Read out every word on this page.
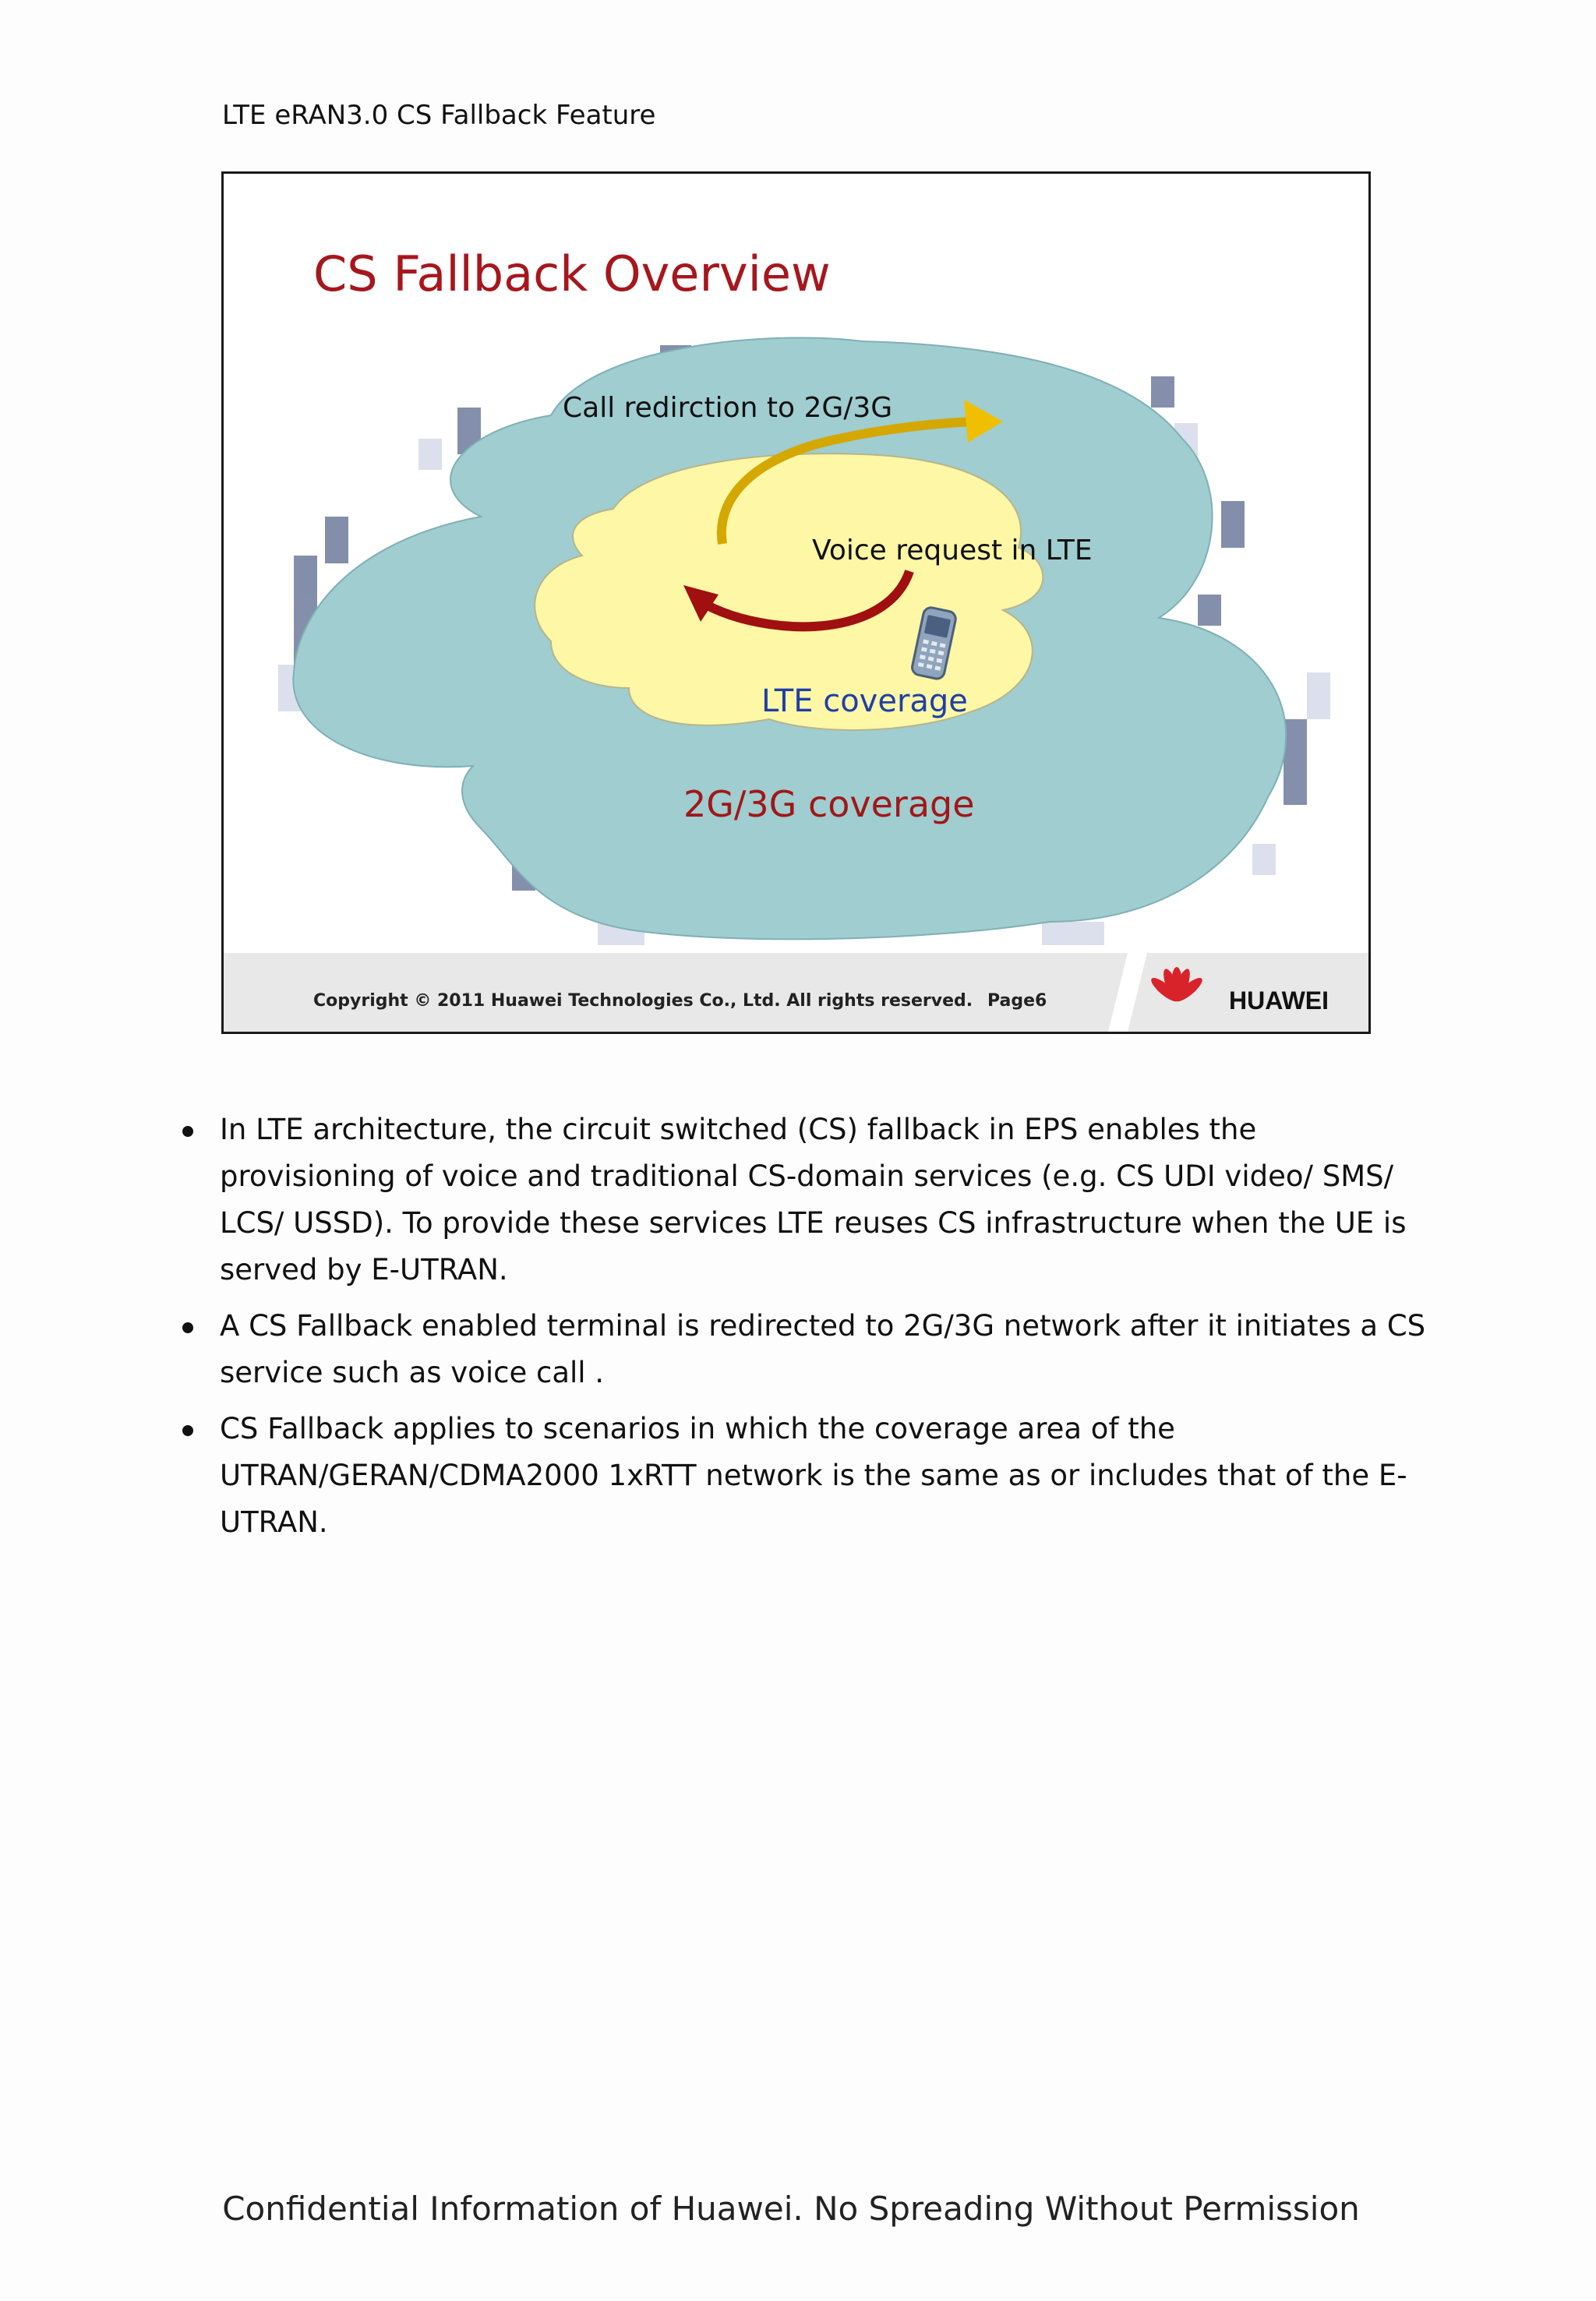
LTE eRAN3.0 CS Fallback Feature
CS Fallback Overview
Call redirction to 2G/3G
Voice request in LTE
LTE coverage
2G/3G coverage
Copyright © 2011 Huawei Technologies Co., Ltd. All rights reserved. Page6	HUAWEI
In LTE architecture, the circuit switched (CS) fallback in EPS enables the provisioning of voice and traditional CS-domain services (e.g. CS UDI video/ SMS/ LCS/ USSD). To provide these services LTE reuses CS infrastructure when the UE is served by E-UTRAN.
A CS Fallback enabled terminal is redirected to 2G/3G network after it initiates a CS service such as voice call .
CS Fallback applies to scenarios in which the coverage area of the UTRAN/GERAN/CDMA2000 1xRTT network is the same as or includes that of the E-UTRAN.
Confidential Information of Huawei. No Spreading Without Permission
